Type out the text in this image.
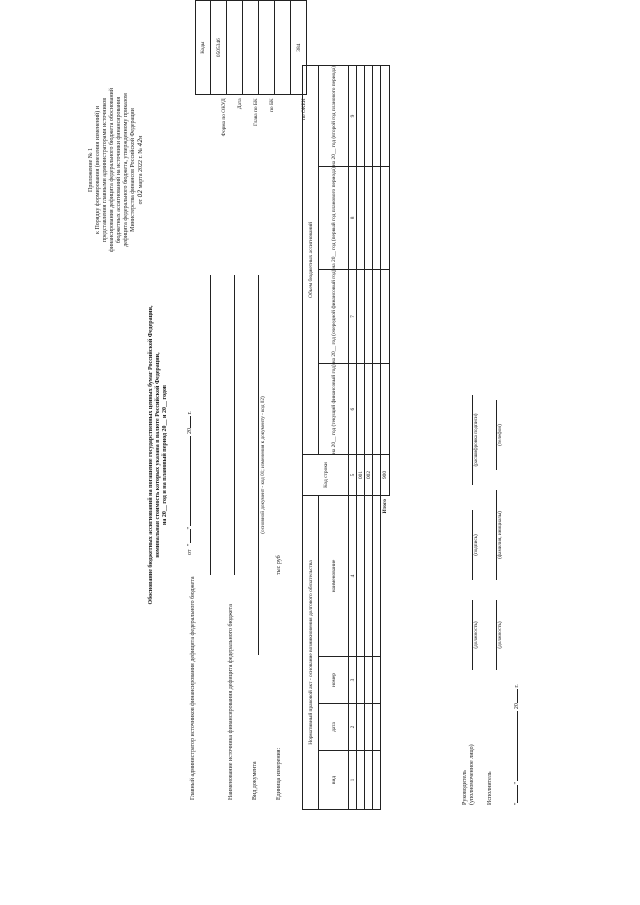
Приложение № 1 к Порядку формирования (внесения изменений) и представления главными администраторами источников финансирования дефицита федерального бюджета обоснований бюджетных ассигнований на источники финансирования дефицита федерального бюджета, утвержденному приказом Министерства финансов Российской Федерации от 02 марта 2022 г. № 42н
Обоснование бюджетных ассигнований на погашение государственных ценных бумаг Российской Федерации, номинальная стоимость которых указана в валюте Российской Федерации, на 20__ год и на плановый период 20__ и 20__ годов
от ""  20 г.
Главный администратор источников финансирования дефицита федерального бюджета	Наименование источника финансирования дефицита федерального бюджета	Вид документа
(основной документ - код 01; изменения к документу - код 02)
Единица измерения:
тыс руб
	Коды
Форма по ОКУД	0505346
Дата	
Глава по БК	
по БК	

по ОКЕИ	384
Нормативный правовой акт - основание возникновения долгового обязательства				Код строки	Объем бюджетных ассигнований			
вид	дата	номер	наименование		на 20__ год (текущий финансовый год)	на 20__ год (очередной финансовый год)	на 20__ год (первый год планового периода)	на 20__ год (второй год планового периода)
1	2	3	4	5	6	7	8	9
				001				
				002				

Итого				900				
Руководитель (уполномоченное лицо)
(должность)
(подпись)
(расшифровка подписи)
Исполнитель
(должность)
(фамилия, инициалы)
(телефон)
""  20 г.
